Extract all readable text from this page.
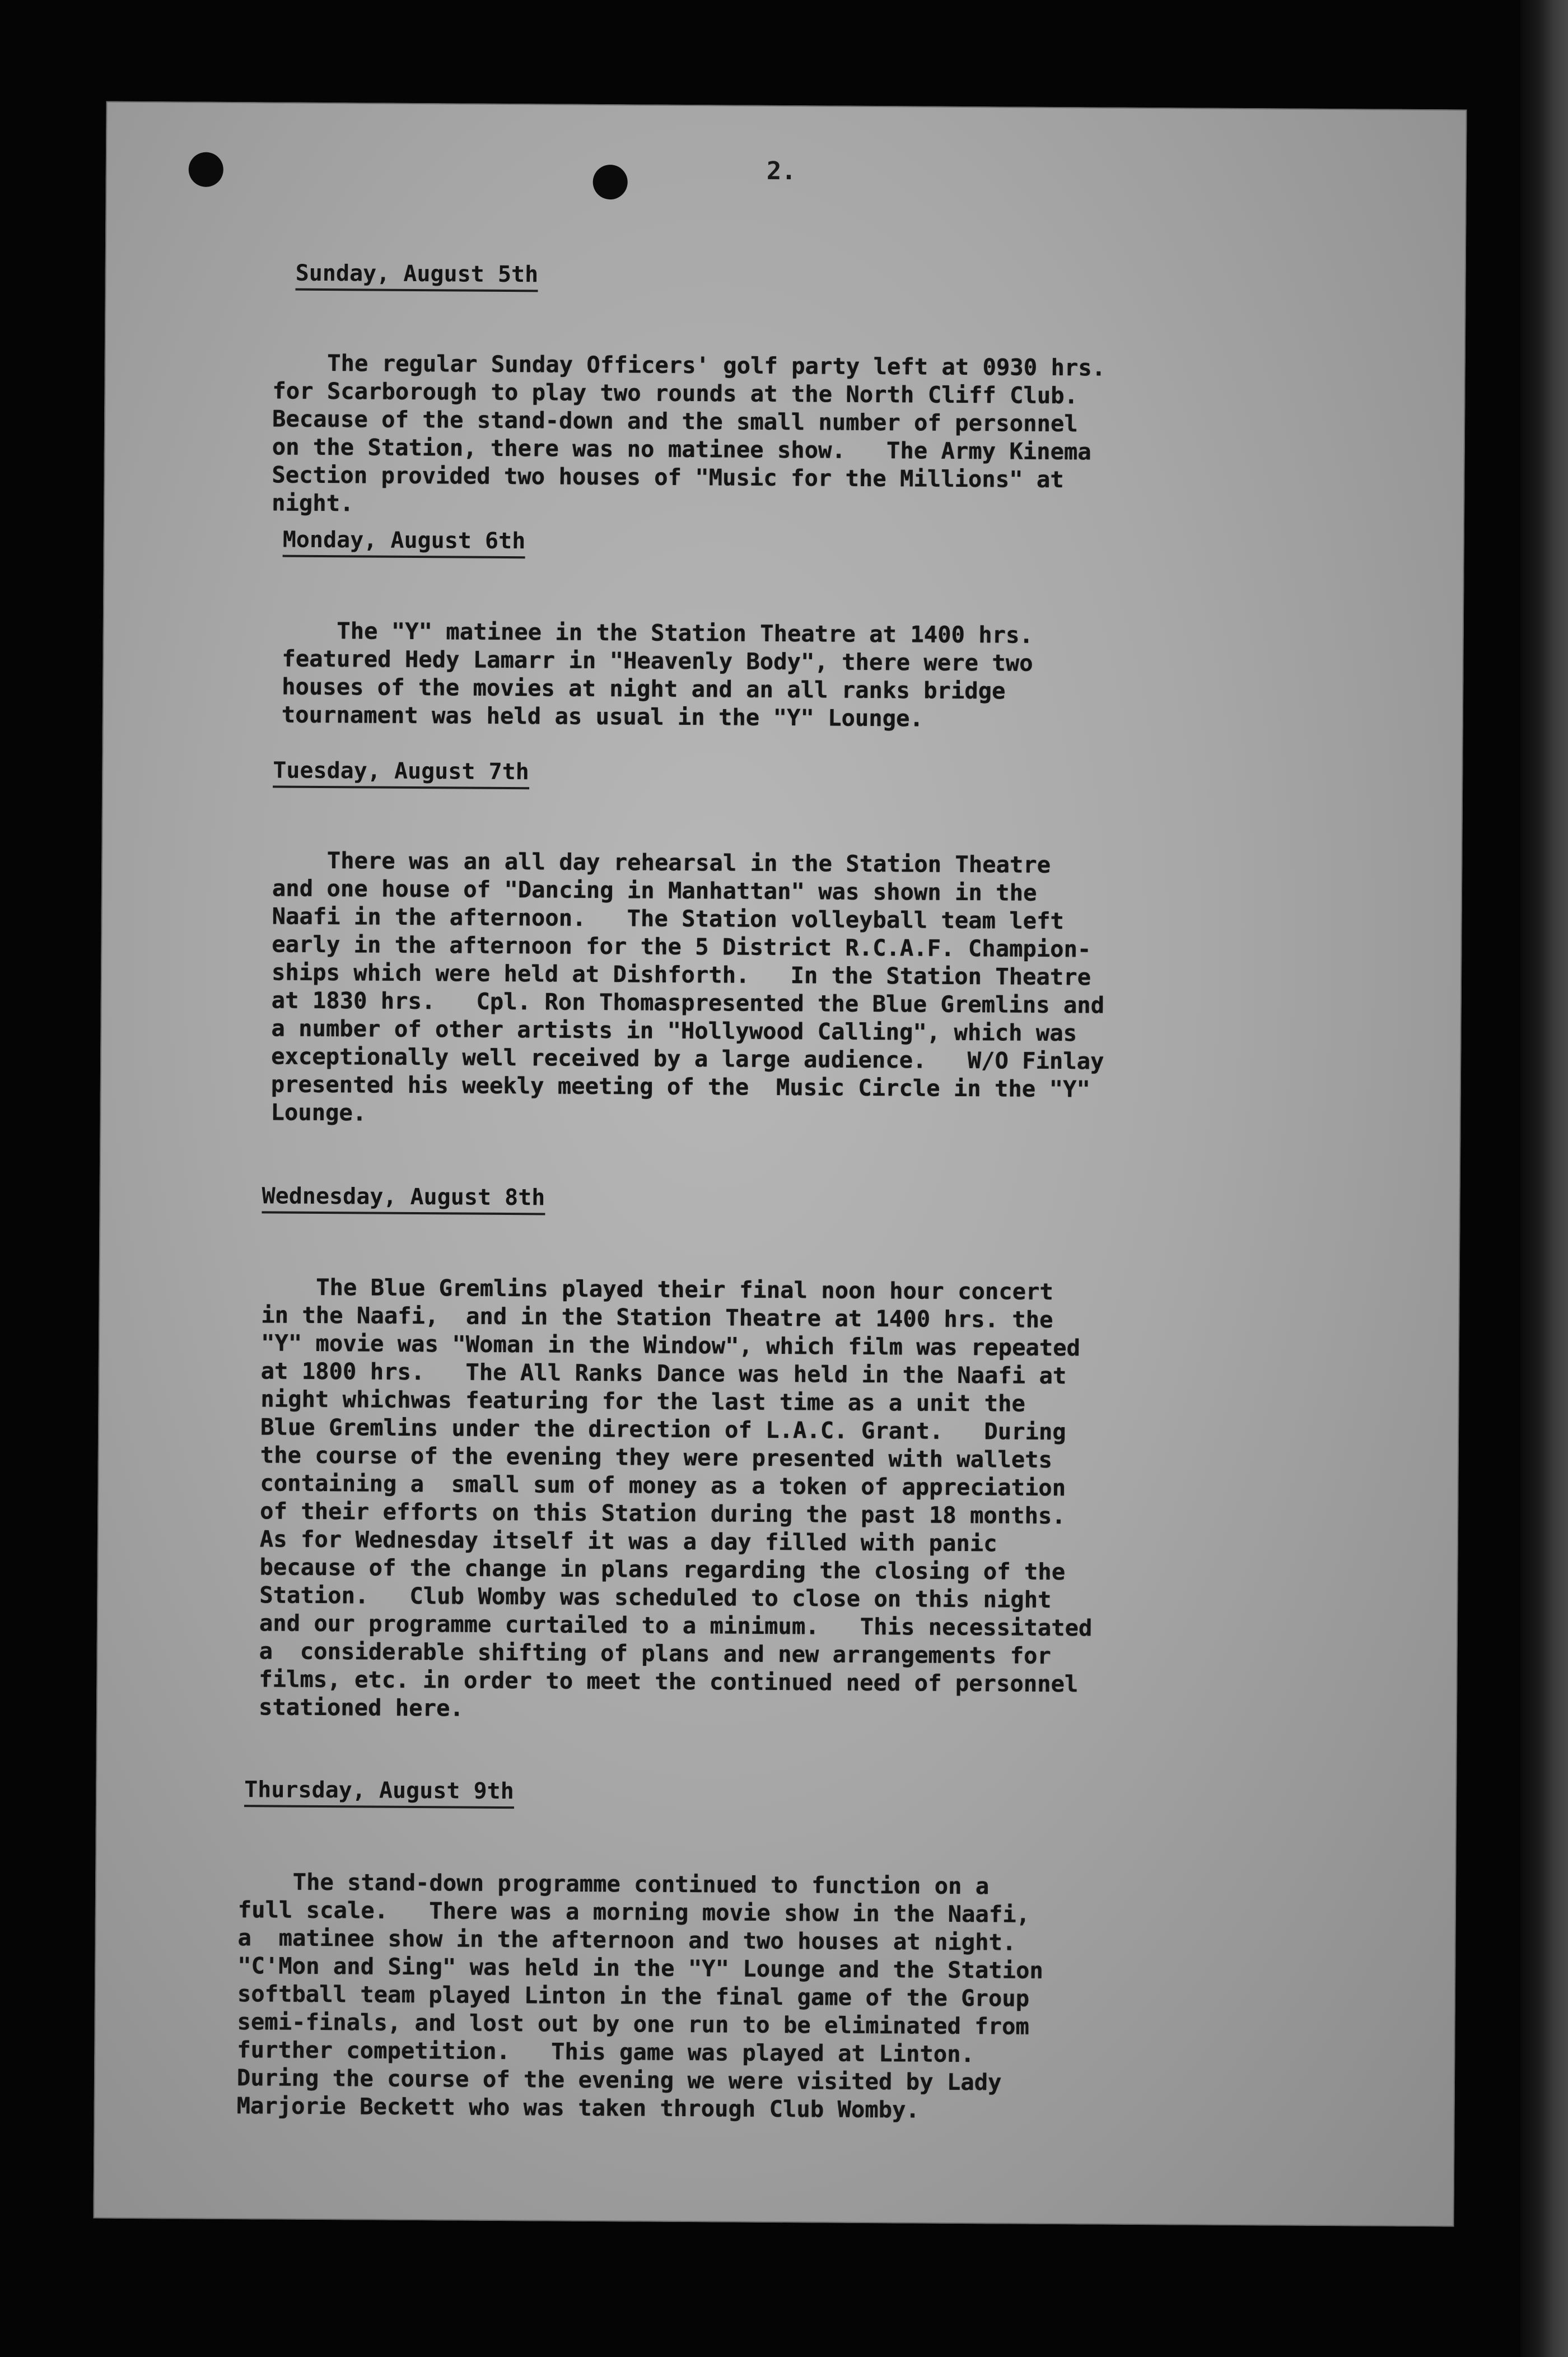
2.
Sunday, August 5th

The regular Sunday Officers' golf party left at 0930 hrs.
for Scarborough to play two rounds at the North Cliff Club.
Because of the stand-down and the small number of personnel
on the Station, there was no matinee show.   The Army Kinema
Section provided two houses of "Music for the Millions" at
night.

Monday, August 6th

The "Y" matinee in the Station Theatre at 1400 hrs.
featured Hedy Lamarr in "Heavenly Body", there were two
houses of the movies at night and an all ranks bridge
tournament was held as usual in the "Y" Lounge.

Tuesday, August 7th

There was an all day rehearsal in the Station Theatre
and one house of "Dancing in Manhattan" was shown in the
Naafi in the afternoon.   The Station volleyball team left
early in the afternoon for the 5 District R.C.A.F. Champion-
ships which were held at Dishforth.   In the Station Theatre
at 1830 hrs.   Cpl. Ron Thomaspresented the Blue Gremlins and
a number of other artists in "Hollywood Calling", which was
exceptionally well received by a large audience.   W/O Finlay
presented his weekly meeting of the  Music Circle in the "Y"
Lounge.

Wednesday, August 8th

The Blue Gremlins played their final noon hour concert
in the Naafi,  and in the Station Theatre at 1400 hrs. the
"Y" movie was "Woman in the Window", which film was repeated
at 1800 hrs.   The All Ranks Dance was held in the Naafi at
night whichwas featuring for the last time as a unit the
Blue Gremlins under the direction of L.A.C. Grant.   During
the course of the evening they were presented with wallets
containing a  small sum of money as a token of appreciation
of their efforts on this Station during the past 18 months.
As for Wednesday itself it was a day filled with panic
because of the change in plans regarding the closing of the
Station.   Club Womby was scheduled to close on this night
and our programme curtailed to a minimum.   This necessitated
a  considerable shifting of plans and new arrangements for
films, etc. in order to meet the continued need of personnel
stationed here.

Thursday, August 9th

The stand-down programme continued to function on a
full scale.   There was a morning movie show in the Naafi,
a  matinee show in the afternoon and two houses at night.
"C'Mon and Sing" was held in the "Y" Lounge and the Station
softball team played Linton in the final game of the Group
semi-finals, and lost out by one run to be eliminated from
further competition.   This game was played at Linton.
During the course of the evening we were visited by Lady
Marjorie Beckett who was taken through Club Womby.
